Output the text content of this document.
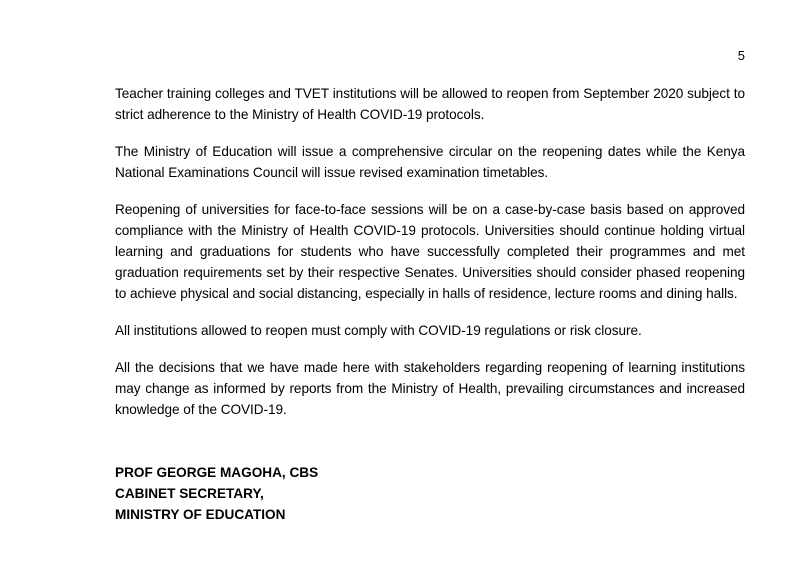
5

Teacher training colleges and TVET institutions will be allowed to reopen from September 2020 subject to strict adherence to the Ministry of Health COVID-19 protocols.

The Ministry of Education will issue a comprehensive circular on the reopening dates while the Kenya National Examinations Council will issue revised examination timetables.

Reopening of universities for face-to-face sessions will be on a case-by-case basis based on approved compliance with the Ministry of Health COVID-19 protocols. Universities should continue holding virtual learning and graduations for students who have successfully completed their programmes and met graduation requirements set by their respective Senates. Universities should consider phased reopening to achieve physical and social distancing, especially in halls of residence, lecture rooms and dining halls.

All institutions allowed to reopen must comply with COVID-19 regulations or risk closure.

All the decisions that we have made here with stakeholders regarding reopening of learning institutions may change as informed by reports from the Ministry of Health, prevailing circumstances and increased knowledge of the COVID-19.

PROF GEORGE MAGOHA, CBS
CABINET SECRETARY,
MINISTRY OF EDUCATION
